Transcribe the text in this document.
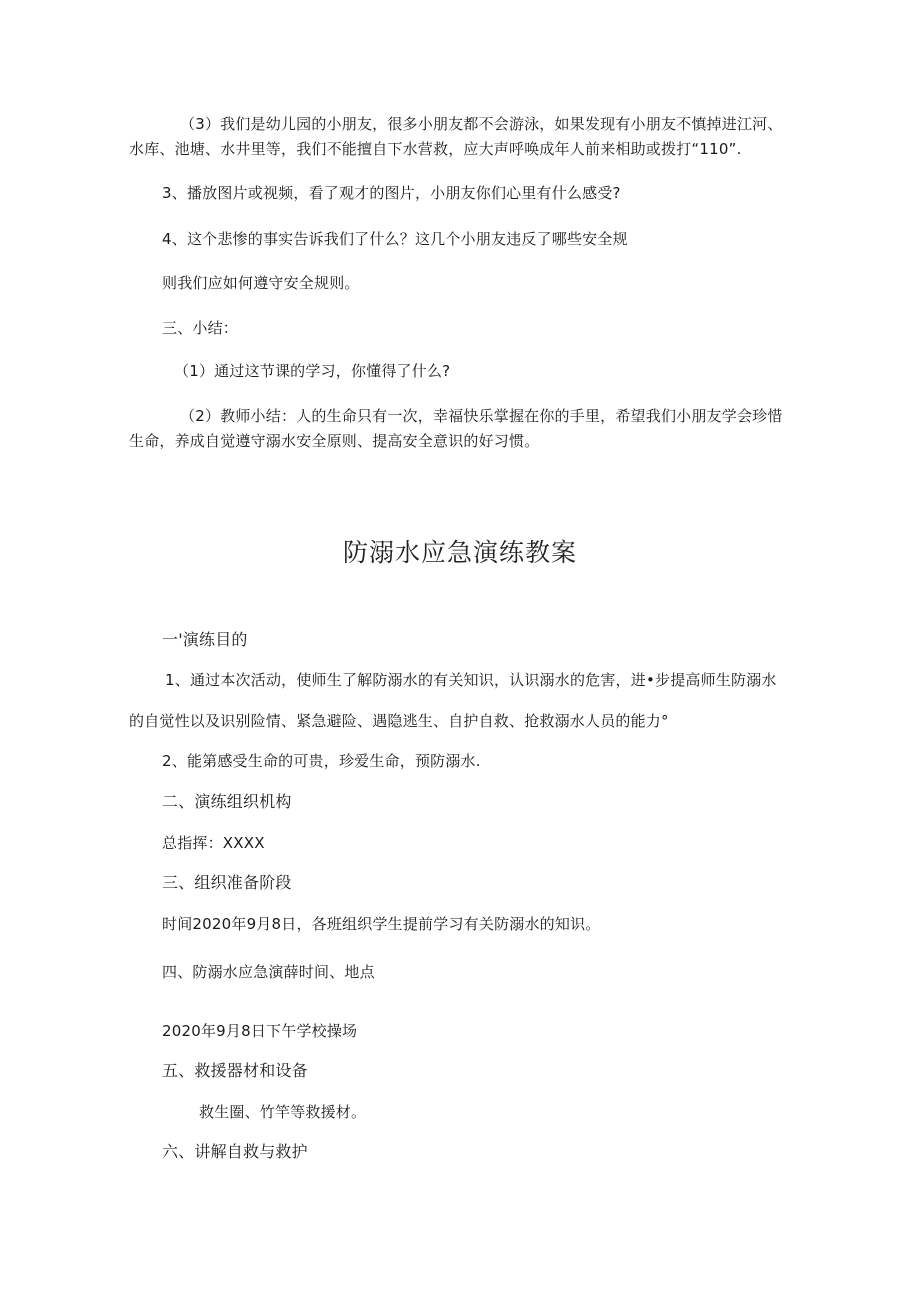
（3）我们是幼儿园的小朋友，很多小朋友都不会游泳，如果发现有小朋友不慎掉进江河、
水库、池塘、水井里等，我们不能擅自下水营救，应大声呼唤成年人前来相助或拨打“110”.
3、播放图片或视频，看了观才的图片，小朋友你们心里有什么感受?
4、这个悲惨的事实告诉我们了什么？这几个小朋友违反了哪些安全规
则我们应如何遵守安全规则。
三、小结：
（1）通过这节课的学习，你懂得了什么?
（2）教师小结：人的生命只有一次，幸福快乐掌握在你的手里，希望我们小朋友学会珍惜
生命，养成自觉遵守溺水安全原则、提高安全意识的好习惯。
防溺水应急演练教案
一'演练目的
1、通过本次活动，使师生了解防溺水的有关知识，认识溺水的危害，进•步提高师生防溺水
的自觉性以及识别险情、紧急避险、遇隐逃生、自护自救、抢救溺水人员的能力°
2、能第感受生命的可贵，珍爱生命，预防溺水.
二、演练组织机构
总指挥：XXXX
三、组织准备阶段
时间2020年9月8日，各班组织学生提前学习有关防溺水的知识。
四、防溺水应急演薛时间、地点
2020年9月8日下午学校操场
五、救援器材和设备
救生圈、竹竿等救援材。
六、讲解自救与救护
